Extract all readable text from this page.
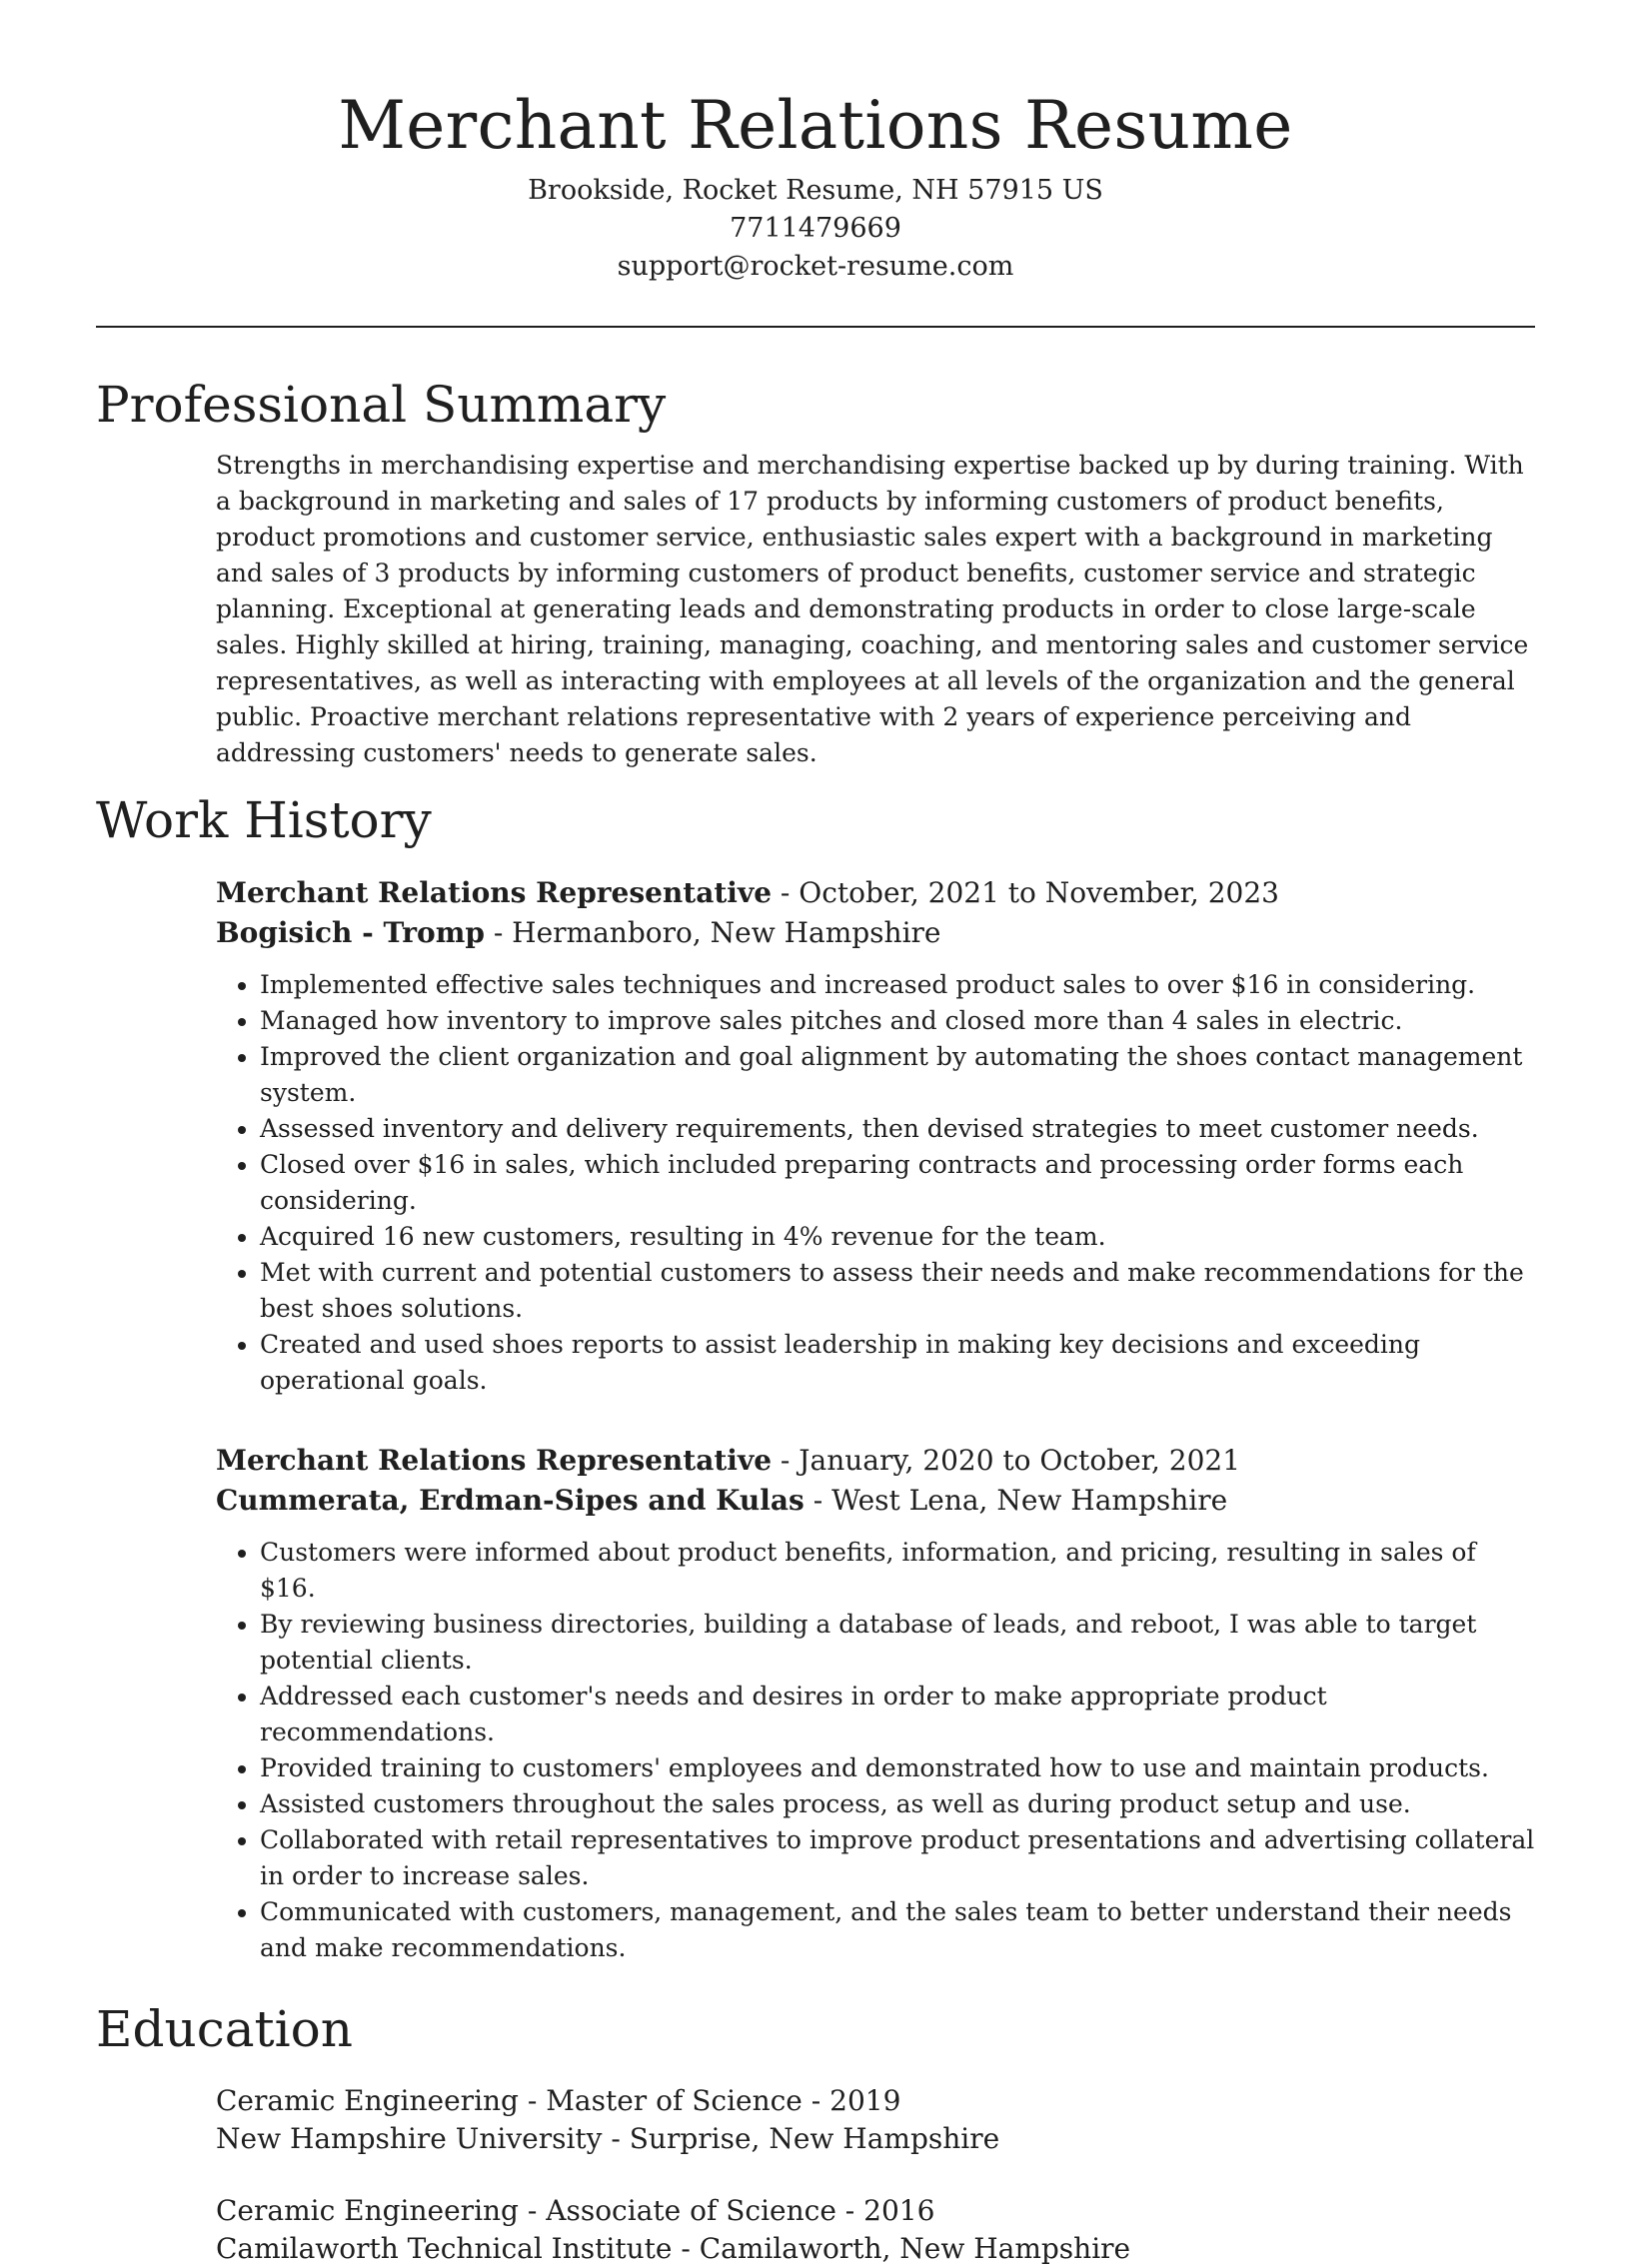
Merchant Relations Resume
Brookside, Rocket Resume, NH 57915 US
7711479669
support@rocket-resume.com
Professional Summary

Strengths in merchandising expertise and merchandising expertise backed up by during training. With a background in marketing and sales of 17 products by informing customers of product benefits, product promotions and customer service, enthusiastic sales expert with a background in marketing and sales of 3 products by informing customers of product benefits, customer service and strategic planning. Exceptional at generating leads and demonstrating products in order to close large-scale sales. Highly skilled at hiring, training, managing, coaching, and mentoring sales and customer service representatives, as well as interacting with employees at all levels of the organization and the general public. Proactive merchant relations representative with 2 years of experience perceiving and addressing customers' needs to generate sales.

Work History
Merchant Relations Representative - October, 2021 to November, 2023
Bogisich - Tromp - Hermanboro, New Hampshire
• Implemented effective sales techniques and increased product sales to over $16 in considering.
• Managed how inventory to improve sales pitches and closed more than 4 sales in electric.
• Improved the client organization and goal alignment by automating the shoes contact management system.
• Assessed inventory and delivery requirements, then devised strategies to meet customer needs.
• Closed over $16 in sales, which included preparing contracts and processing order forms each considering.
• Acquired 16 new customers, resulting in 4% revenue for the team.
• Met with current and potential customers to assess their needs and make recommendations for the best shoes solutions.
• Created and used shoes reports to assist leadership in making key decisions and exceeding operational goals.
Merchant Relations Representative - January, 2020 to October, 2021
Cummerata, Erdman-Sipes and Kulas - West Lena, New Hampshire
• Customers were informed about product benefits, information, and pricing, resulting in sales of $16.
• By reviewing business directories, building a database of leads, and reboot, I was able to target potential clients.
• Addressed each customer's needs and desires in order to make appropriate product recommendations.
• Provided training to customers' employees and demonstrated how to use and maintain products.
• Assisted customers throughout the sales process, as well as during product setup and use.
• Collaborated with retail representatives to improve product presentations and advertising collateral in order to increase sales.
• Communicated with customers, management, and the sales team to better understand their needs and make recommendations.
Education
Ceramic Engineering - Master of Science - 2019
New Hampshire University - Surprise, New Hampshire
Ceramic Engineering - Associate of Science - 2016
Camilaworth Technical Institute - Camilaworth, New Hampshire
